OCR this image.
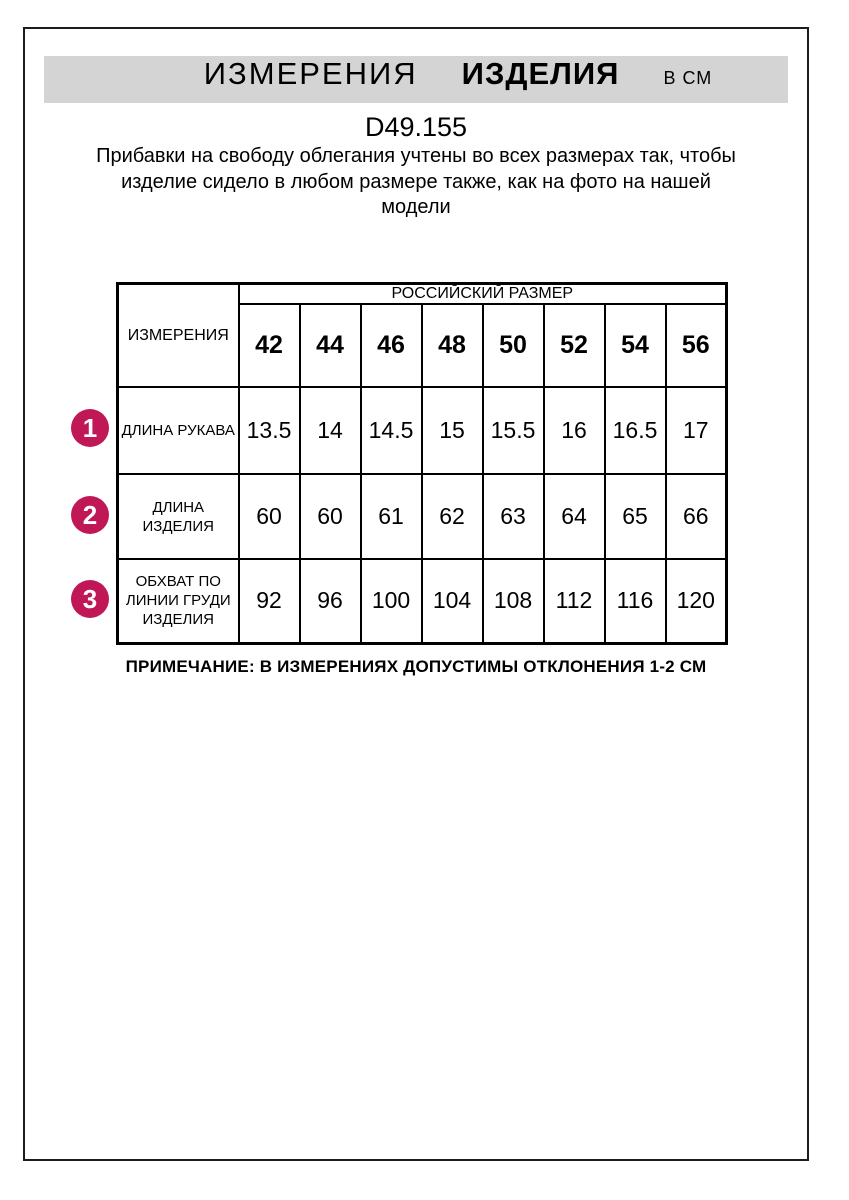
ИЗМЕРЕНИЯ ИЗДЕЛИЯ В СМ
D49.155
Прибавки на свободу облегания учтены во всех размерах так, чтобы
изделие сидело в любом размере также, как на фото на нашей
модели
ИЗМЕРЕНИЯ	РОССИЙСКИЙ РАЗМЕР							
	42	44	46	48	50	52	54	56

ДЛИНА РУКАВА	13.5	14	14.5	15	15.5	16	16.5	17

ДЛИНА
ИЗДЕЛИЯ	60	60	61	62	63	64	65	66

ОБХВАТ ПО
ЛИНИИ ГРУДИ
ИЗДЕЛИЯ	92	96	100	104	108	112	116	120
1
2
3
ПРИМЕЧАНИЕ: В ИЗМЕРЕНИЯХ ДОПУСТИМЫ ОТКЛОНЕНИЯ 1-2 СМ
